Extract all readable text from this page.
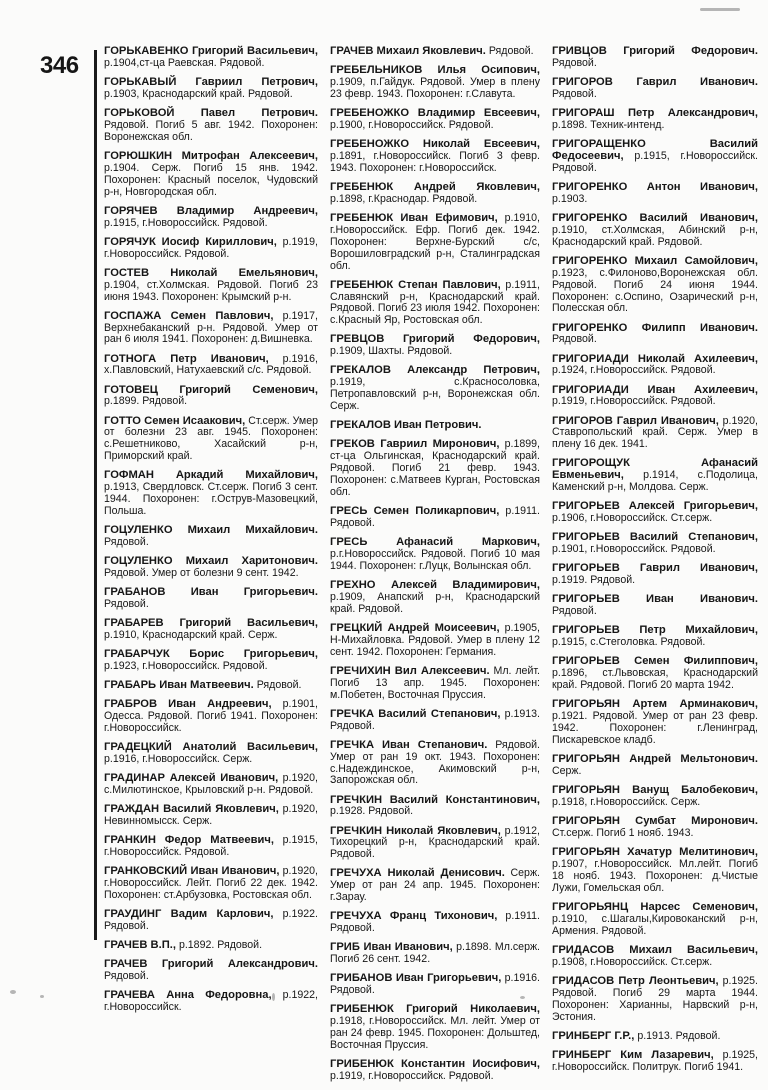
346
ГОРЬКАВЕНКО Григорий Васильевич, р.1904,ст-ца Раевская. Рядовой.
ГОРЬКАВЫЙ Гавриил Петрович, р.1903, Краснодарский край. Рядовой.
ГОРЬКОВОЙ Павел Петрович. Рядовой. Погиб 5 авг. 1942. Похоронен: Воронежская обл.
ГОРЮШКИН Митрофан Алексеевич, р.1904. Серж. Погиб 15 янв. 1942. Похоронен: Красный поселок, Чудовский р-н, Новгородская обл.
ГОРЯЧЕВ Владимир Андреевич, р.1915, г.Новороссийск. Рядовой.
ГОРЯЧУК Иосиф Кириллович, р.1919, г.Новороссийск. Рядовой.
ГОСТЕВ Николай Емельянович, р.1904, ст.Холмская. Рядовой. Погиб 23 июня 1943. Похоронен: Крымский р-н.
ГОСПАЖА Семен Павлович, р.1917, Верхнебаканский р-н. Рядовой. Умер от ран 6 июля 1941. Похоронен: д.Вишневка.
ГОТНОГА Петр Иванович, р.1916, х.Павловский, Натухаевский с/с. Рядовой.
ГОТОВЕЦ Григорий Семенович, р.1899. Рядовой.
ГОТТО Семен Исаакович, Ст.серж. Умер от болезни 23 авг. 1945. Похоронен: с.Решетниково, Хасайский р-н, Приморский край.
ГОФМАН Аркадий Михайлович, р.1913, Свердловск. Ст.серж. Погиб 3 сент. 1944. Похоронен: г.Острув-Мазовецкий, Польша.
ГОЦУЛЕНКО Михаил Михайлович. Рядовой.
ГОЦУЛЕНКО Михаил Харитонович. Рядовой. Умер от болезни 9 сент. 1942.
ГРАБАНОВ Иван Григорьевич. Рядовой.
ГРАБАРЕВ Григорий Васильевич, р.1910, Краснодарский край. Серж.
ГРАБАРЧУК Борис Григорьевич, р.1923, г.Новороссийск. Рядовой.
ГРАБАРЬ Иван Матвеевич. Рядовой.
ГРАБРОВ Иван Андреевич, р.1901, Одесса. Рядовой. Погиб 1941. Похоронен: г.Новороссийск.
ГРАДЕЦКИЙ Анатолий Васильевич, р.1916, г.Новороссийск. Серж.
ГРАДИНАР Алексей Иванович, р.1920, с.Милютинское, Крыловский р-н. Рядовой.
ГРАЖДАН Василий Яковлевич, р.1920, Невинномысск. Серж.
ГРАНКИН Федор Матвеевич, р.1915, г.Новороссийск. Рядовой.
ГРАНКОВСКИЙ Иван Иванович, р.1920, г.Новороссийск. Лейт. Погиб 22 дек. 1942. Похоронен: ст.Арбузовка, Ростовская обл.
ГРАУДИНГ Вадим Карлович, р.1922. Рядовой.
ГРАЧЕВ В.П., р.1892. Рядовой.
ГРАЧЕВ Григорий Александрович. Рядовой.
ГРАЧЕВА Анна Федоровна, р.1922, г.Новороссийск.
ГРАЧЕВ Михаил Яковлевич. Рядовой.
ГРЕБЕЛЬНИКОВ Илья Осипович, р.1909, п.Гайдук. Рядовой. Умер в плену 23 февр. 1943. Похоронен: г.Славута.
ГРЕБЕНОЖКО Владимир Евсеевич, р.1900, г.Новороссийск. Рядовой.
ГРЕБЕНОЖКО Николай Евсеевич, р.1891, г.Новороссийск. Погиб 3 февр. 1943. Похоронен: г.Новороссийск.
ГРЕБЕНЮК Андрей Яковлевич, р.1898, г.Краснодар. Рядовой.
ГРЕБЕНЮК Иван Ефимович, р.1910, г.Новороссийск. Ефр. Погиб дек. 1942. Похоронен: Верхне-Бурский с/с, Ворошиловградский р-н, Сталинградская обл.
ГРЕБЕНЮК Степан Павлович, р.1911, Славянский р-н, Краснодарский край. Рядовой. Погиб 23 июля 1942. Похоронен: с.Красный Яр, Ростовская обл.
ГРЕВЦОВ Григорий Федорович, р.1909, Шахты. Рядовой.
ГРЕКАЛОВ Александр Петрович, р.1919, с.Красносоловка, Петропавловский р-н, Воронежская обл. Серж.
ГРЕКАЛОВ Иван Петрович.
ГРЕКОВ Гавриил Миронович, р.1899, ст-ца Ольгинская, Краснодарский край. Рядовой. Погиб 21 февр. 1943. Похоронен: с.Матвеев Курган, Ростовская обл.
ГРЕСЬ Семен Поликарпович, р.1911. Рядовой.
ГРЕСЬ Афанасий Маркович, р.г.Новороссийск. Рядовой. Погиб 10 мая 1944. Похоронен: г.Луцк, Волынская обл.
ГРЕХНО Алексей Владимирович, р.1909, Анапский р-н, Краснодарский край. Рядовой.
ГРЕЦКИЙ Андрей Моисеевич, р.1905, Н-Михайловка. Рядовой. Умер в плену 12 сент. 1942. Похоронен: Германия.
ГРЕЧИХИН Вил Алексеевич. Мл. лейт. Погиб 13 апр. 1945. Похоронен: м.Побетен, Восточная Пруссия.
ГРЕЧКА Василий Степанович, р.1913. Рядовой.
ГРЕЧКА Иван Степанович. Рядовой. Умер от ран 19 окт. 1943. Похоронен: с.Надеждинское, Акимовский р-н, Запорожская обл.
ГРЕЧКИН Василий Константинович, р.1928. Рядовой.
ГРЕЧКИН Николай Яковлевич, р.1912, Тихорецкий р-н, Краснодарский край. Рядовой.
ГРЕЧУХА Николай Денисович. Серж. Умер от ран 24 апр. 1945. Похоронен: г.Зарау.
ГРЕЧУХА Франц Тихонович, р.1911. Рядовой.
ГРИБ Иван Иванович, р.1898. Мл.серж. Погиб 26 сент. 1942.
ГРИБАНОВ Иван Григорьевич, р.1916. Рядовой.
ГРИБЕНЮК Григорий Николаевич, р.1918, г.Новороссийск. Мл. лейт. Умер от ран 24 февр. 1945. Похоронен: Дольштед, Восточная Пруссия.
ГРИБЕНЮК Константин Иосифович, р.1919, г.Новороссийск. Рядовой.
ГРИВЦОВ Григорий Федорович. Рядовой.
ГРИГОРОВ Гаврил Иванович. Рядовой.
ГРИГОРАШ Петр Александрович, р.1898. Техник-интенд.
ГРИГОРАЩЕНКО Василий Федосеевич, р.1915, г.Новороссийск. Рядовой.
ГРИГОРЕНКО Антон Иванович, р.1903.
ГРИГОРЕНКО Василий Иванович, р.1910, ст.Холмская, Абинский р-н, Краснодарский край. Рядовой.
ГРИГОРЕНКО Михаил Самойлович, р.1923, с.Филоново,Воронежская обл. Рядовой. Погиб 24 июня 1944. Похоронен: с.Оспино, Озарический р-н, Полесская обл.
ГРИГОРЕНКО Филипп Иванович. Рядовой.
ГРИГОРИАДИ Николай Ахилеевич, р.1924, г.Новороссийск. Рядовой.
ГРИГОРИАДИ Иван Ахилеевич, р.1919, г.Новороссийск. Рядовой.
ГРИГОРОВ Гаврил Иванович, р.1920, Ставропольский край. Серж. Умер в плену 16 дек. 1941.
ГРИГОРОЩУК Афанасий Евменьевич, р.1914, с.Подолица, Каменский р-н, Молдова. Серж.
ГРИГОРЬЕВ Алексей Григорьевич, р.1906, г.Новороссийск. Ст.серж.
ГРИГОРЬЕВ Василий Степанович, р.1901, г.Новороссийск. Рядовой.
ГРИГОРЬЕВ Гаврил Иванович, р.1919. Рядовой.
ГРИГОРЬЕВ Иван Иванович. Рядовой.
ГРИГОРЬЕВ Петр Михайлович, р.1915, с.Стеголовка. Рядовой.
ГРИГОРЬЕВ Семен Филиппович, р.1896, ст.Львовская, Краснодарский край. Рядовой. Погиб 20 марта 1942.
ГРИГОРЬЯН Артем Арминакович, р.1921. Рядовой. Умер от ран 23 февр. 1942. Похоронен: г.Ленинград, Пискаревское кладб.
ГРИГОРЬЯН Андрей Мельтонович. Серж.
ГРИГОРЬЯН Ванущ Балобекович, р.1918, г.Новороссийск. Серж.
ГРИГОРЬЯН Сумбат Миронович. Ст.серж. Погиб 1 нояб. 1943.
ГРИГОРЬЯН Хачатур Мелитинович, р.1907, г.Новороссийск. Мл.лейт. Погиб 18 нояб. 1943. Похоронен: д.Чистые Лужи, Гомельская обл.
ГРИГОРЬЯНЦ Нарсес Семенович, р.1910, с.Шагалы,Кировоканский р-н, Армения. Рядовой.
ГРИДАСОВ Михаил Васильевич, р.1908, г.Новороссийск. Ст.серж.
ГРИДАСОВ Петр Леонтьевич, р.1925. Рядовой. Погиб 29 марта 1944. Похоронен: Харианны, Нарвский р-н, Эстония.
ГРИНБЕРГ Г.Р., р.1913. Рядовой.
ГРИНБЕРГ Ким Лазаревич, р.1925, г.Новороссийск. Политрук. Погиб 1941.
